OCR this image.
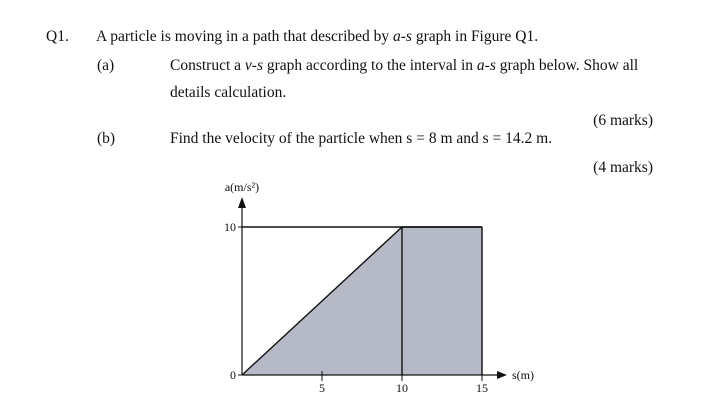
Q1. A particle is moving in a path that described by a-s graph in Figure Q1.
(a)	Construct a v-s graph according to the interval in a-s graph below. Show all
details calculation.
(6 marks)
(b)	Find the velocity of the particle when s = 8 m and s = 14.2 m.
(4 marks)
5	10	15
0
10
a(m/s²)
s(m)
